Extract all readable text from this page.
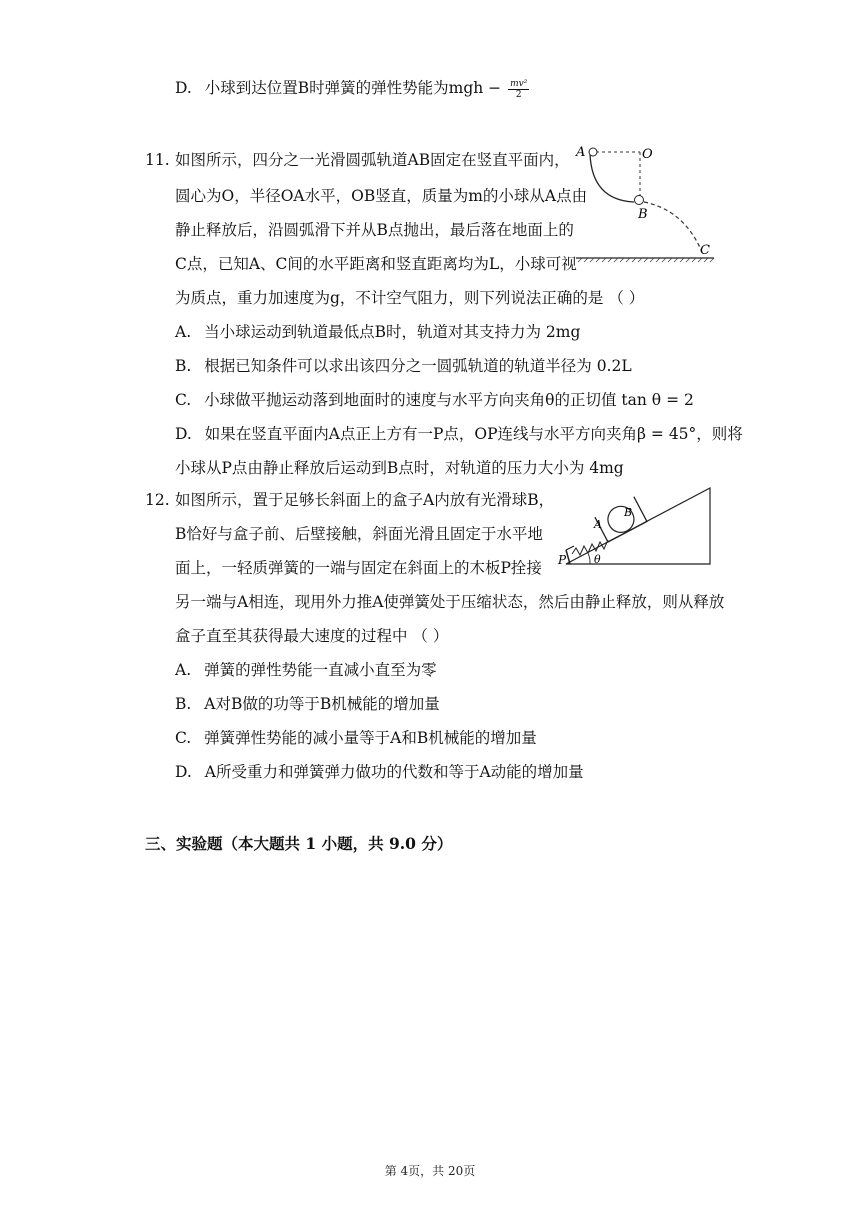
D. 小球到达位置B时弹簧的弹性势能为mgh − $\frac{\text{mv²}}{2}$
11. 如图所示，四分之一光滑圆弧轨道AB固定在竖直平面内，
圆心为O，半径OA水平，OB竖直，质量为m的小球从A点由
静止释放后，沿圆弧滑下并从B点抛出，最后落在地面上的
C点，已知A、C间的水平距离和竖直距离均为L，小球可视
为质点，重力加速度为g，不计空气阻力，则下列说法正确的是 （ ）
A. 当小球运动到轨道最低点B时，轨道对其支持力为 2mg
B. 根据已知条件可以求出该四分之一圆弧轨道的轨道半径为 0.2L
C. 小球做平抛运动落到地面时的速度与水平方向夹角θ的正切值 tan θ = 2
D. 如果在竖直平面内A点正上方有一P点，OP连线与水平方向夹角β = 45°，则将
小球从P点由静止释放后运动到B点时，对轨道的压力大小为 4mg
A	O
B
C
12. 如图所示，置于足够长斜面上的盒子A内放有光滑球B，
B恰好与盒子前、后壁接触，斜面光滑且固定于水平地
面上，一轻质弹簧的一端与固定在斜面上的木板P拴接
另一端与A相连，现用外力推A使弹簧处于压缩状态，然后由静止释放，则从释放
盒子直至其获得最大速度的过程中 （ ）
A. 弹簧的弹性势能一直减小直至为零
B. A对B做的功等于B机械能的增加量
C. 弹簧弹性势能的减小量等于A和B机械能的增加量
D. A所受重力和弹簧弹力做功的代数和等于A动能的增加量
P
A
B
θ
三、实验题（本大题共 1 小题，共 9.0 分）
第 4页，共 20页
